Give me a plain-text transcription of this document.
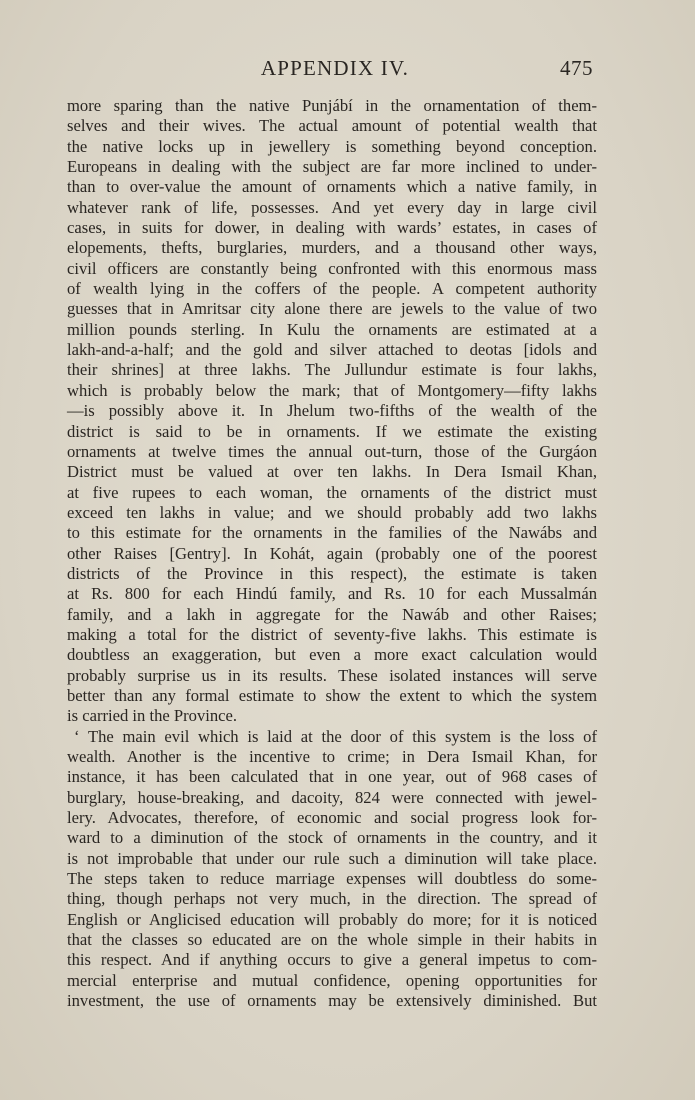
APPENDIX IV.	475
more sparing than the native Punjábí in the ornamentation of them-
selves and their wives. The actual amount of potential wealth that
the native locks up in jewellery is something beyond conception.
Europeans in dealing with the subject are far more inclined to under-
than to over-value the amount of ornaments which a native family, in
whatever rank of life, possesses. And yet every day in large civil
cases, in suits for dower, in dealing with wards’ estates, in cases of
elopements, thefts, burglaries, murders, and a thousand other ways,
civil officers are constantly being confronted with this enormous mass
of wealth lying in the coffers of the people. A competent authority
guesses that in Amritsar city alone there are jewels to the value of two
million pounds sterling. In Kulu the ornaments are estimated at a
lakh-and-a-half; and the gold and silver attached to deotas [idols and
their shrines] at three lakhs. The Jullundur estimate is four lakhs,
which is probably below the mark; that of Montgomery—fifty lakhs
—is possibly above it. In Jhelum two-fifths of the wealth of the
district is said to be in ornaments. If we estimate the existing
ornaments at twelve times the annual out-turn, those of the Gurgáon
District must be valued at over ten lakhs. In Dera Ismail Khan,
at five rupees to each woman, the ornaments of the district must
exceed ten lakhs in value; and we should probably add two lakhs
to this estimate for the ornaments in the families of the Nawábs and
other Raises [Gentry]. In Kohát, again (probably one of the poorest
districts of the Province in this respect), the estimate is taken
at Rs. 800 for each Hindú family, and Rs. 10 for each Mussalmán
family, and a lakh in aggregate for the Nawáb and other Raises;
making a total for the district of seventy-five lakhs. This estimate is
doubtless an exaggeration, but even a more exact calculation would
probably surprise us in its results. These isolated instances will serve
better than any formal estimate to show the extent to which the system
is carried in the Province.
‘ The main evil which is laid at the door of this system is the loss of
wealth. Another is the incentive to crime; in Dera Ismail Khan, for
instance, it has been calculated that in one year, out of 968 cases of
burglary, house-breaking, and dacoity, 824 were connected with jewel-
lery. Advocates, therefore, of economic and social progress look for-
ward to a diminution of the stock of ornaments in the country, and it
is not improbable that under our rule such a diminution will take place.
The steps taken to reduce marriage expenses will doubtless do some-
thing, though perhaps not very much, in the direction. The spread of
English or Anglicised education will probably do more; for it is noticed
that the classes so educated are on the whole simple in their habits in
this respect. And if anything occurs to give a general impetus to com-
mercial enterprise and mutual confidence, opening opportunities for
investment, the use of ornaments may be extensively diminished. But
